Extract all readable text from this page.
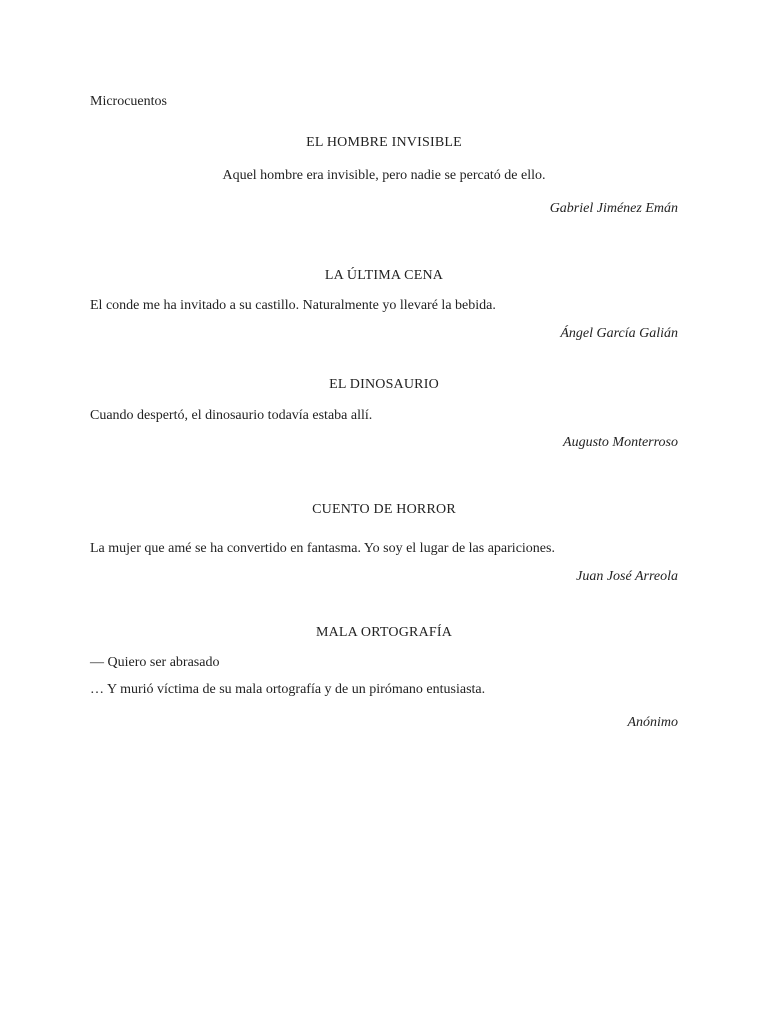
Microcuentos
EL HOMBRE INVISIBLE
Aquel hombre era invisible, pero nadie se percató de ello.
Gabriel Jiménez Emán
LA ÚLTIMA CENA
El conde me ha invitado a su castillo. Naturalmente yo llevaré la bebida.
Ángel García Galián
EL DINOSAURIO
Cuando despertó, el dinosaurio todavía estaba allí.
Augusto Monterroso
CUENTO DE HORROR
La mujer que amé se ha convertido en fantasma. Yo soy el lugar de las apariciones.
Juan José Arreola
MALA ORTOGRAFÍA
— Quiero ser abrasado
… Y murió víctima de su mala ortografía y de un pirómano entusiasta.
Anónimo
